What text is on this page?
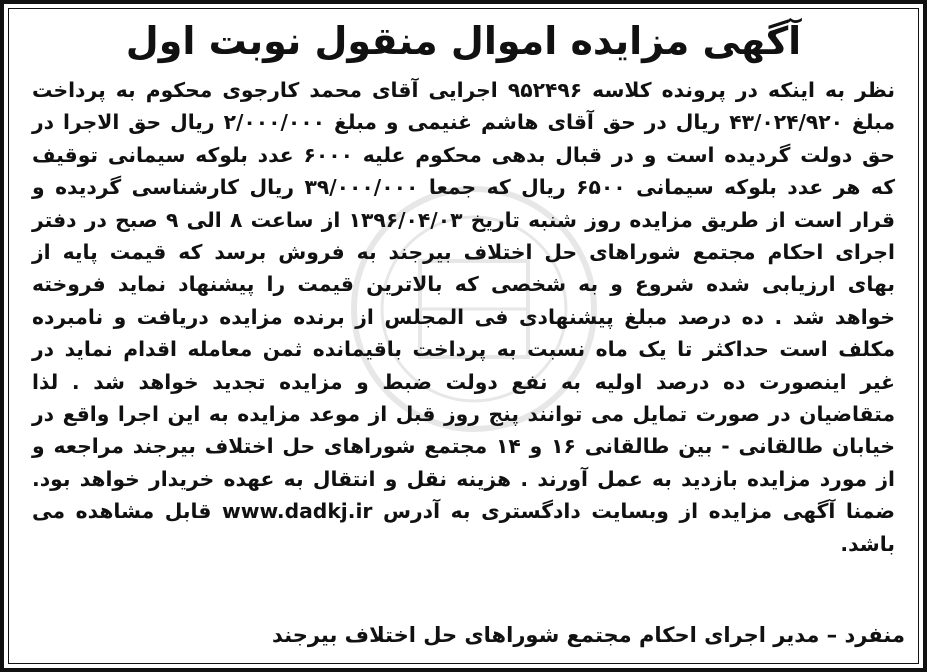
آگهی مزایده اموال منقول نوبت اول

نظر به اینکه در پرونده کلاسه ۹۵۲۴۹۶ اجرایی آقای محمد کارجوی محکوم به پرداخت مبلغ ۴۳/۰۲۴/۹۲۰ ریال در حق آقای هاشم غنیمی و مبلغ ۲/۰۰۰/۰۰۰ ریال حق الاجرا در حق دولت گردیده است و در قبال بدهی محکوم علیه ۶۰۰۰ عدد بلوکه سیمانی توقیف که هر عدد بلوکه سیمانی ۶۵۰۰ ریال که جمعا ۳۹/۰۰۰/۰۰۰ ریال کارشناسی گردیده و قرار است از طریق مزایده روز شنبه تاریخ ۱۳۹۶/۰۴/۰۳ از ساعت ۸ الی ۹ صبح در دفتر اجرای احکام مجتمع شوراهای حل اختلاف بیرجند به فروش برسد که قیمت پایه از بهای ارزیابی شده شروع و به شخصی که بالاترین قیمت را پیشنهاد نماید فروخته خواهد شد . ده درصد مبلغ پیشنهادی فی المجلس از برنده مزایده دریافت و نامبرده مکلف است حداکثر تا یک ماه نسبت به پرداخت باقیمانده ثمن معامله اقدام نماید در غیر اینصورت ده درصد اولیه به نفع دولت ضبط و مزایده تجدید خواهد شد . لذا متقاضیان در صورت تمایل می توانند پنج روز قبل از موعد مزایده به این اجرا واقع در خیابان طالقانی - بین طالقانی ۱۶ و ۱۴ مجتمع شوراهای حل اختلاف بیرجند مراجعه و از مورد مزایده بازدید به عمل آورند . هزینه نقل و انتقال به عهده خریدار خواهد بود. ضمنا آگهی مزایده از وبسایت دادگستری به آدرس www.dadkj.ir قابل مشاهده می باشد.

منفرد – مدیر اجرای احکام مجتمع شوراهای حل اختلاف بیرجند
